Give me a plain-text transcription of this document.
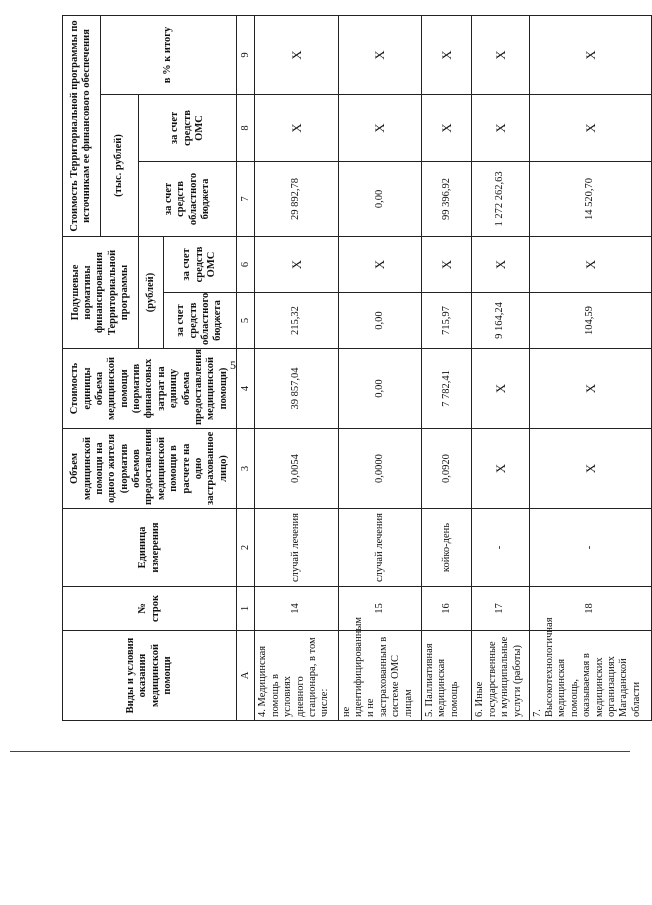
5
Виды и условия оказания медицинской помощи	№ строк	Единица измерения	Объем медицинской помощи на одного жителя (норматив объемов предоставления медицинской помощи в расчете на одно застрахованное лицо)	Стоимость единицы объема медицинской помощи (норматив финансовых затрат на единицу объема предоставления медицинской помощи)	Подушевые нормативы финансирования Территориальной программы		Стоимость Территориальной программы по источникам ее финансового обеспечения		
							(тыс. рублей)		в % к итогу
					(рублей)		за счет средств областного бюджета	за счет средств ОМС	
					за счет средств областного бюджета	за счет средств ОМС			
А	1	2	3	4	5	6	7	8	9
4. Медицинская помощь в условиях дневного стационара, в том числе:	14	случай лечения	0,0054	39 857,04	215,32	Х	29 892,78	Х	Х
не идентифицированным и не застрахованным в системе ОМС лицам	15	случай лечения	0,0000	0,00	0,00	Х	0,00	Х	Х
5. Паллиативная медицинская помощь	16	койко-день	0,0920	7 782,41	715,97	Х	99 396,92	Х	Х
6. Иные государственные и муниципальные услуги (работы)	17	-	Х	Х	9 164,24	Х	1 272 262,63	Х	Х
7. Высокотехнологичная медицинская помощь, оказываемая в медицинских организациях Магаданской области	18	-	Х	Х	104,59	Х	14 520,70	Х	Х
